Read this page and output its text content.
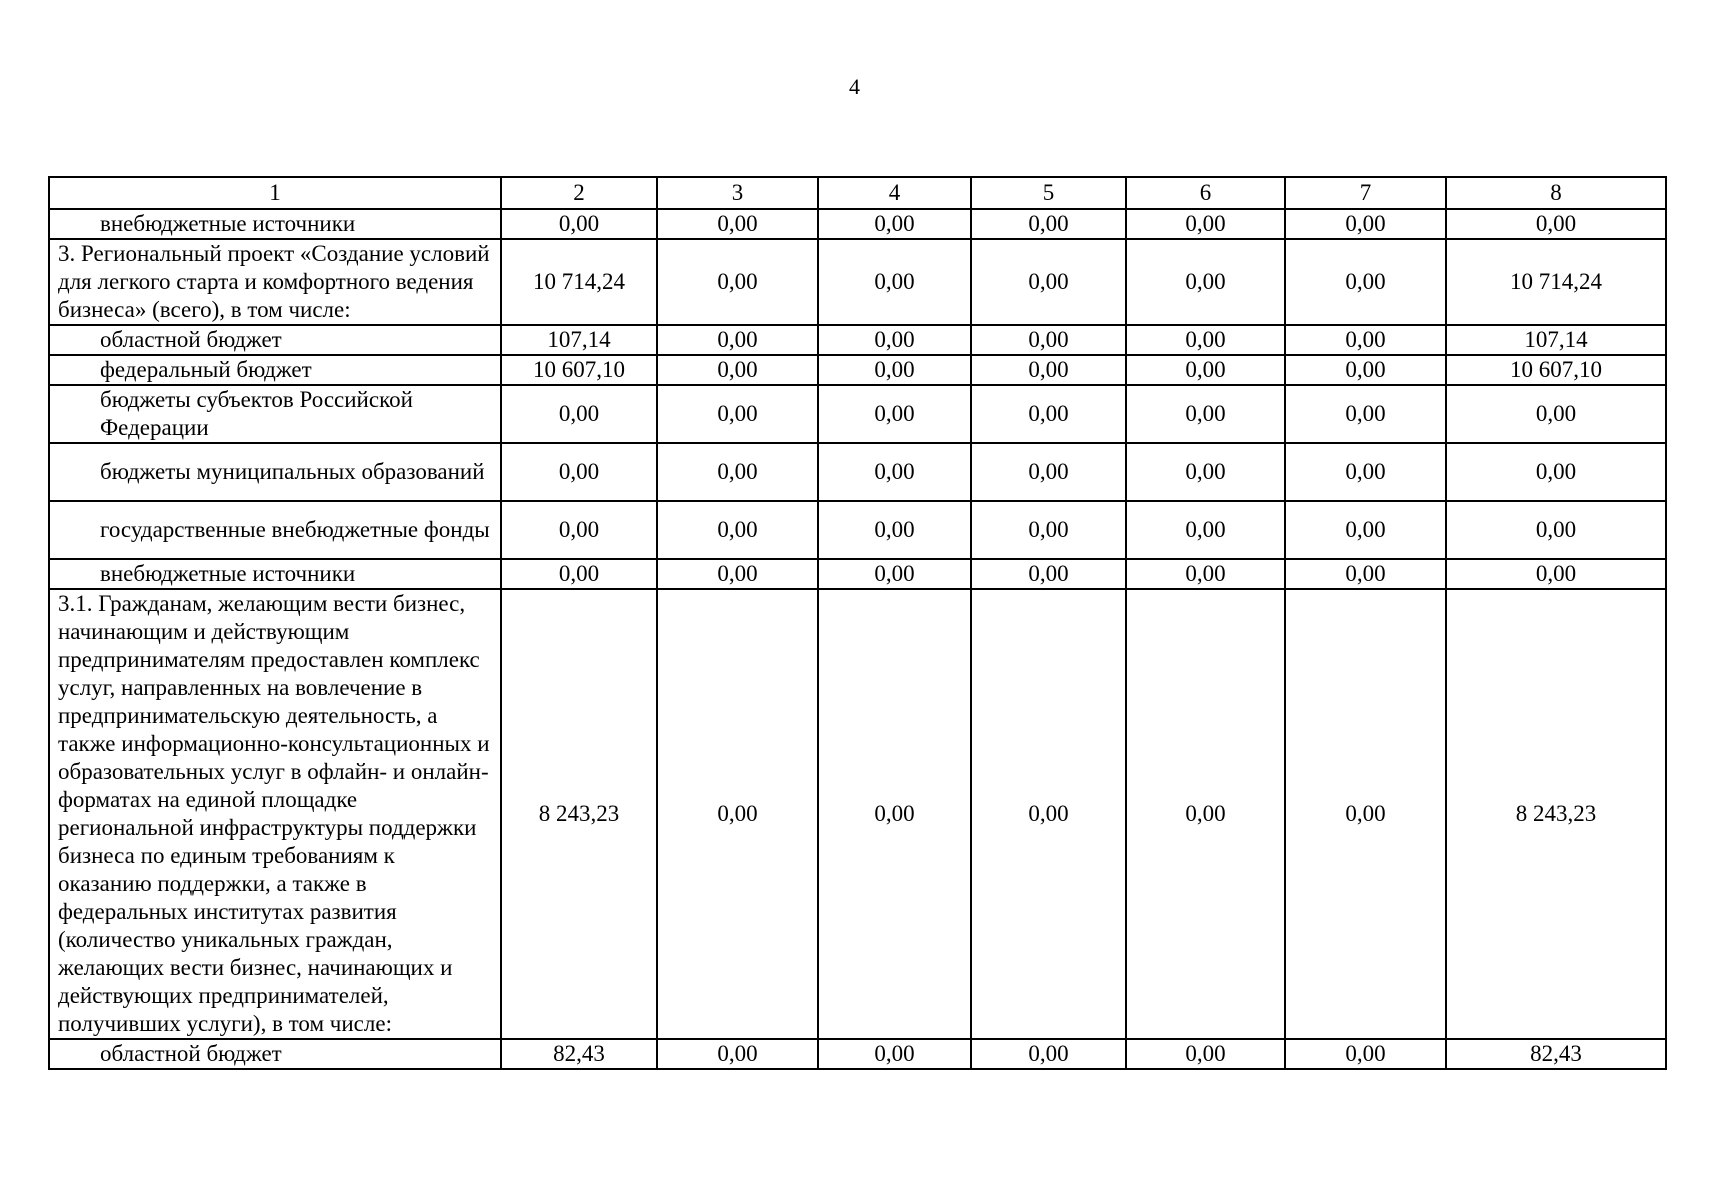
4
1	2	3	4	5	6	7	8
внебюджетные источники	0,00	0,00	0,00	0,00	0,00	0,00	0,00
3. Региональный проект «Создание условий для легкого старта и комфортного ведения бизнеса» (всего), в том числе:	10 714,24	0,00	0,00	0,00	0,00	0,00	10 714,24
областной бюджет	107,14	0,00	0,00	0,00	0,00	0,00	107,14
федеральный бюджет	10 607,10	0,00	0,00	0,00	0,00	0,00	10 607,10
бюджеты субъектов Российской Федерации	0,00	0,00	0,00	0,00	0,00	0,00	0,00
бюджеты муниципальных образований	0,00	0,00	0,00	0,00	0,00	0,00	0,00
государственные внебюджетные фонды	0,00	0,00	0,00	0,00	0,00	0,00	0,00
внебюджетные источники	0,00	0,00	0,00	0,00	0,00	0,00	0,00
3.1. Гражданам, желающим вести бизнес, начинающим и действующим предпринимателям предоставлен комплекс услуг, направленных на вовлечение в предпринимательскую деятельность, а также информационно-консультационных и образовательных услуг в офлайн- и онлайн-форматах на единой площадке региональной инфраструктуры поддержки бизнеса по единым требованиям к оказанию поддержки, а также в федеральных институтах развития (количество уникальных граждан, желающих вести бизнес, начинающих и действующих предпринимателей, получивших услуги), в том числе:	8 243,23	0,00	0,00	0,00	0,00	0,00	8 243,23
областной бюджет	82,43	0,00	0,00	0,00	0,00	0,00	82,43
